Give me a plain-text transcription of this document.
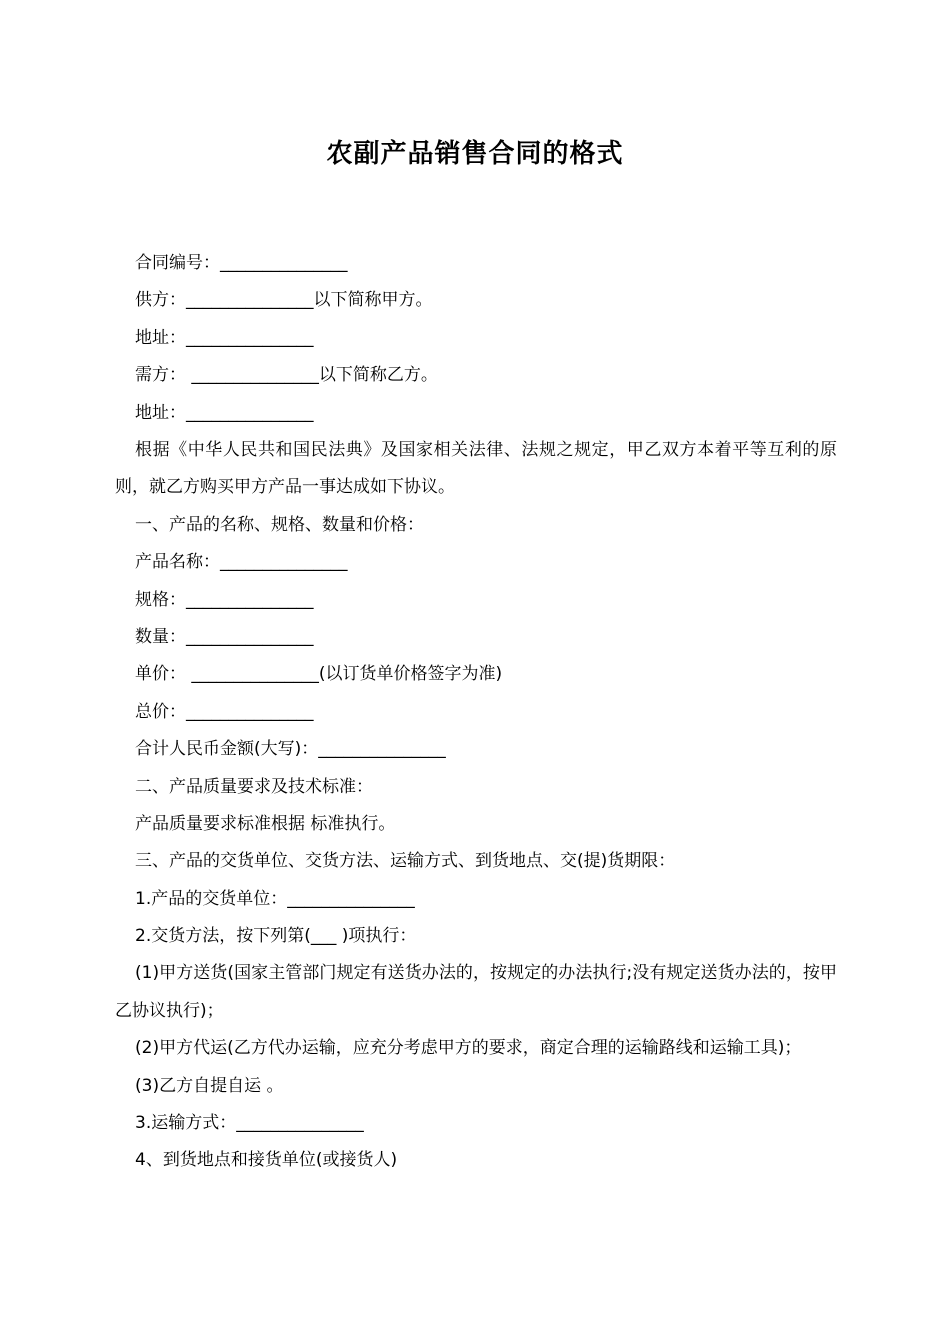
农副产品销售合同的格式
合同编号：_______________
供方：_______________以下简称甲方。
地址：_______________
需方： _______________以下简称乙方。
地址：_______________
根据《中华人民共和国民法典》及国家相关法律、法规之规定，甲乙双方本着平等互利的原则，就乙方购买甲方产品一事达成如下协议。
一、产品的名称、规格、数量和价格：
产品名称：_______________
规格：_______________
数量：_______________
单价： _______________(以订货单价格签字为准)
总价：_______________
合计人民币金额(大写)：_______________
二、产品质量要求及技术标准：
产品质量要求标准根据 标准执行。
三、产品的交货单位、交货方法、运输方式、到货地点、交(提)货期限：
1.产品的交货单位：_______________
2.交货方法，按下列第(___ )项执行：
(1)甲方送货(国家主管部门规定有送货办法的，按规定的办法执行;没有规定送货办法的，按甲乙协议执行)；
(2)甲方代运(乙方代办运输，应充分考虑甲方的要求，商定合理的运输路线和运输工具)；
(3)乙方自提自运 。
3.运输方式：_______________
4、到货地点和接货单位(或接货人)
